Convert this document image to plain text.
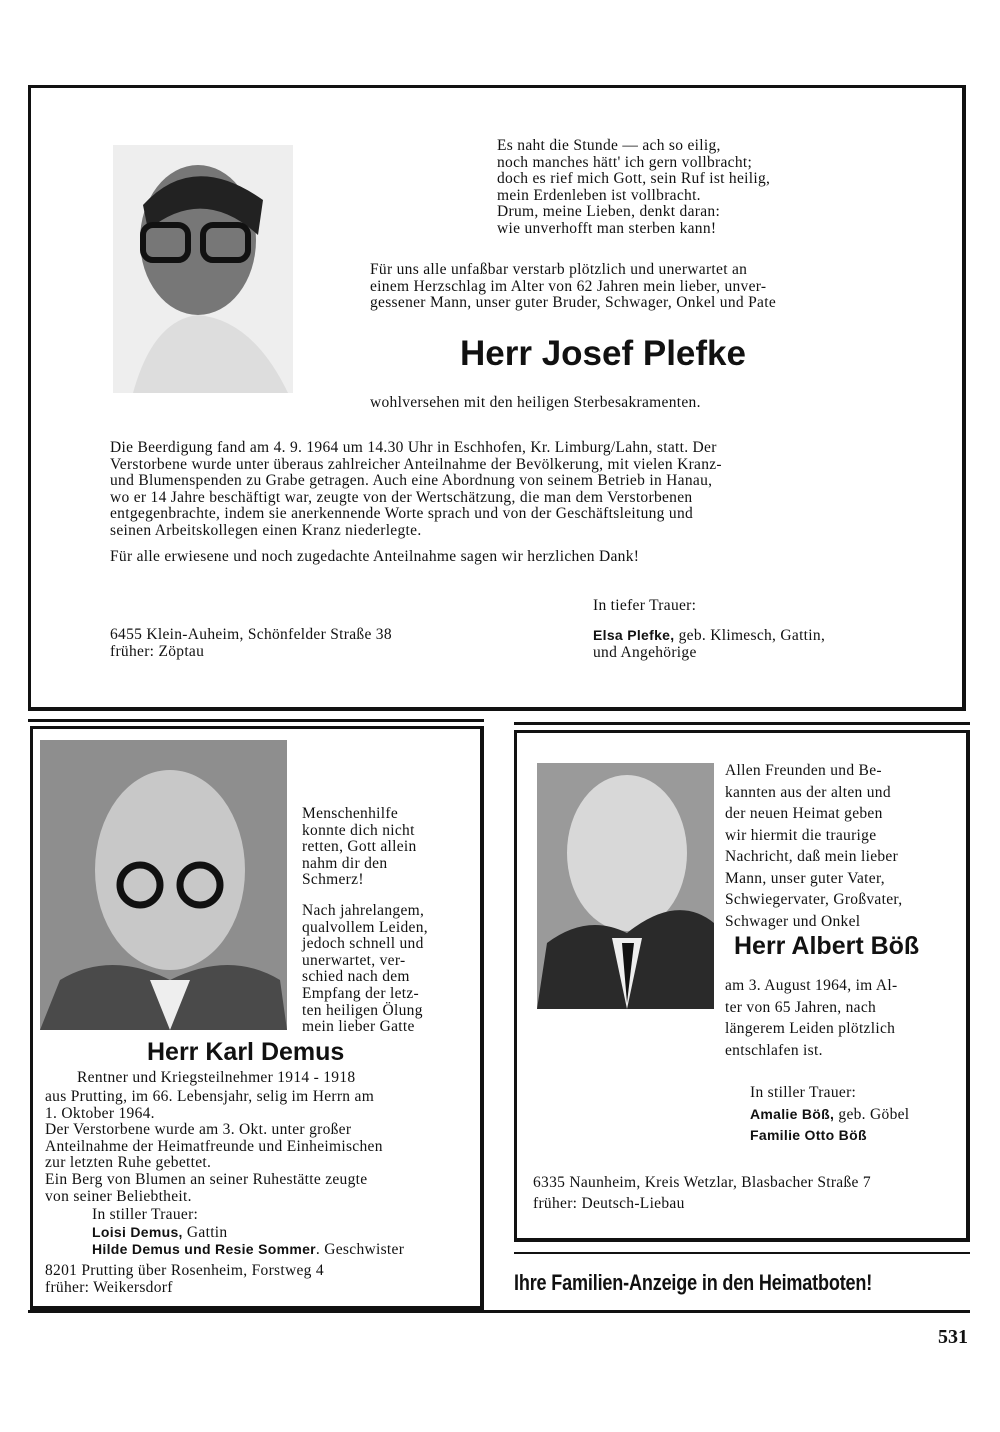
Es naht die Stunde — ach so eilig,
noch manches hätt' ich gern vollbracht;
doch es rief mich Gott, sein Ruf ist heilig,
mein Erdenleben ist vollbracht.
Drum, meine Lieben, denkt daran:
wie unverhofft man sterben kann!
Für uns alle unfaßbar verstarb plötzlich und unerwartet an
einem Herzschlag im Alter von 62 Jahren mein lieber, unver-
gessener Mann, unser guter Bruder, Schwager, Onkel und Pate
Herr Josef Plefke
wohlversehen mit den heiligen Sterbesakramenten.
Die Beerdigung fand am 4. 9. 1964 um 14.30 Uhr in Eschhofen, Kr. Limburg/Lahn, statt. Der
Verstorbene wurde unter überaus zahlreicher Anteilnahme der Bevölkerung, mit vielen Kranz-
und Blumenspenden zu Grabe getragen. Auch eine Abordnung von seinem Betrieb in Hanau,
wo er 14 Jahre beschäftigt war, zeugte von der Wertschätzung, die man dem Verstorbenen
entgegenbrachte, indem sie anerkennende Worte sprach und von der Geschäftsleitung und
seinen Arbeitskollegen einen Kranz niederlegte.
Für alle erwiesene und noch zugedachte Anteilnahme sagen wir herzlichen Dank!
In tiefer Trauer:
6455 Klein-Auheim, Schönfelder Straße 38
früher: Zöptau
Elsa Plefke, geb. Klimesch, Gattin,
und Angehörige
Menschenhilfe
konnte dich nicht
retten, Gott allein
nahm dir den
Schmerz!
Nach jahrelangem,
qualvollem Leiden,
jedoch schnell und
unerwartet, ver-
schied nach dem
Empfang der letz-
ten heiligen Ölung
mein lieber Gatte
Herr Karl Demus
Rentner und Kriegsteilnehmer 1914 - 1918
aus Prutting, im 66. Lebensjahr, selig im Herrn am
1. Oktober 1964.
Der Verstorbene wurde am 3. Okt. unter großer
Anteilnahme der Heimatfreunde und Einheimischen
zur letzten Ruhe gebettet.
Ein Berg von Blumen an seiner Ruhestätte zeugte
von seiner Beliebtheit.
In stiller Trauer:
Loisi Demus, Gattin
Hilde Demus und Resie Sommer. Geschwister
8201 Prutting über Rosenheim, Forstweg 4
früher: Weikersdorf
Allen Freunden und Be-
kannten aus der alten und
der neuen Heimat geben
wir hiermit die traurige
Nachricht, daß mein lieber
Mann, unser guter Vater,
Schwiegervater, Großvater,
Schwager und Onkel
Herr Albert Böß
am 3. August 1964, im Al-
ter von 65 Jahren, nach
längerem Leiden plötzlich
entschlafen ist.
In stiller Trauer:
Amalie Böß, geb. Göbel
Familie Otto Böß
6335 Naunheim, Kreis Wetzlar, Blasbacher Straße 7
früher: Deutsch-Liebau
Ihre Familien-Anzeige in den Heimatboten!
531
